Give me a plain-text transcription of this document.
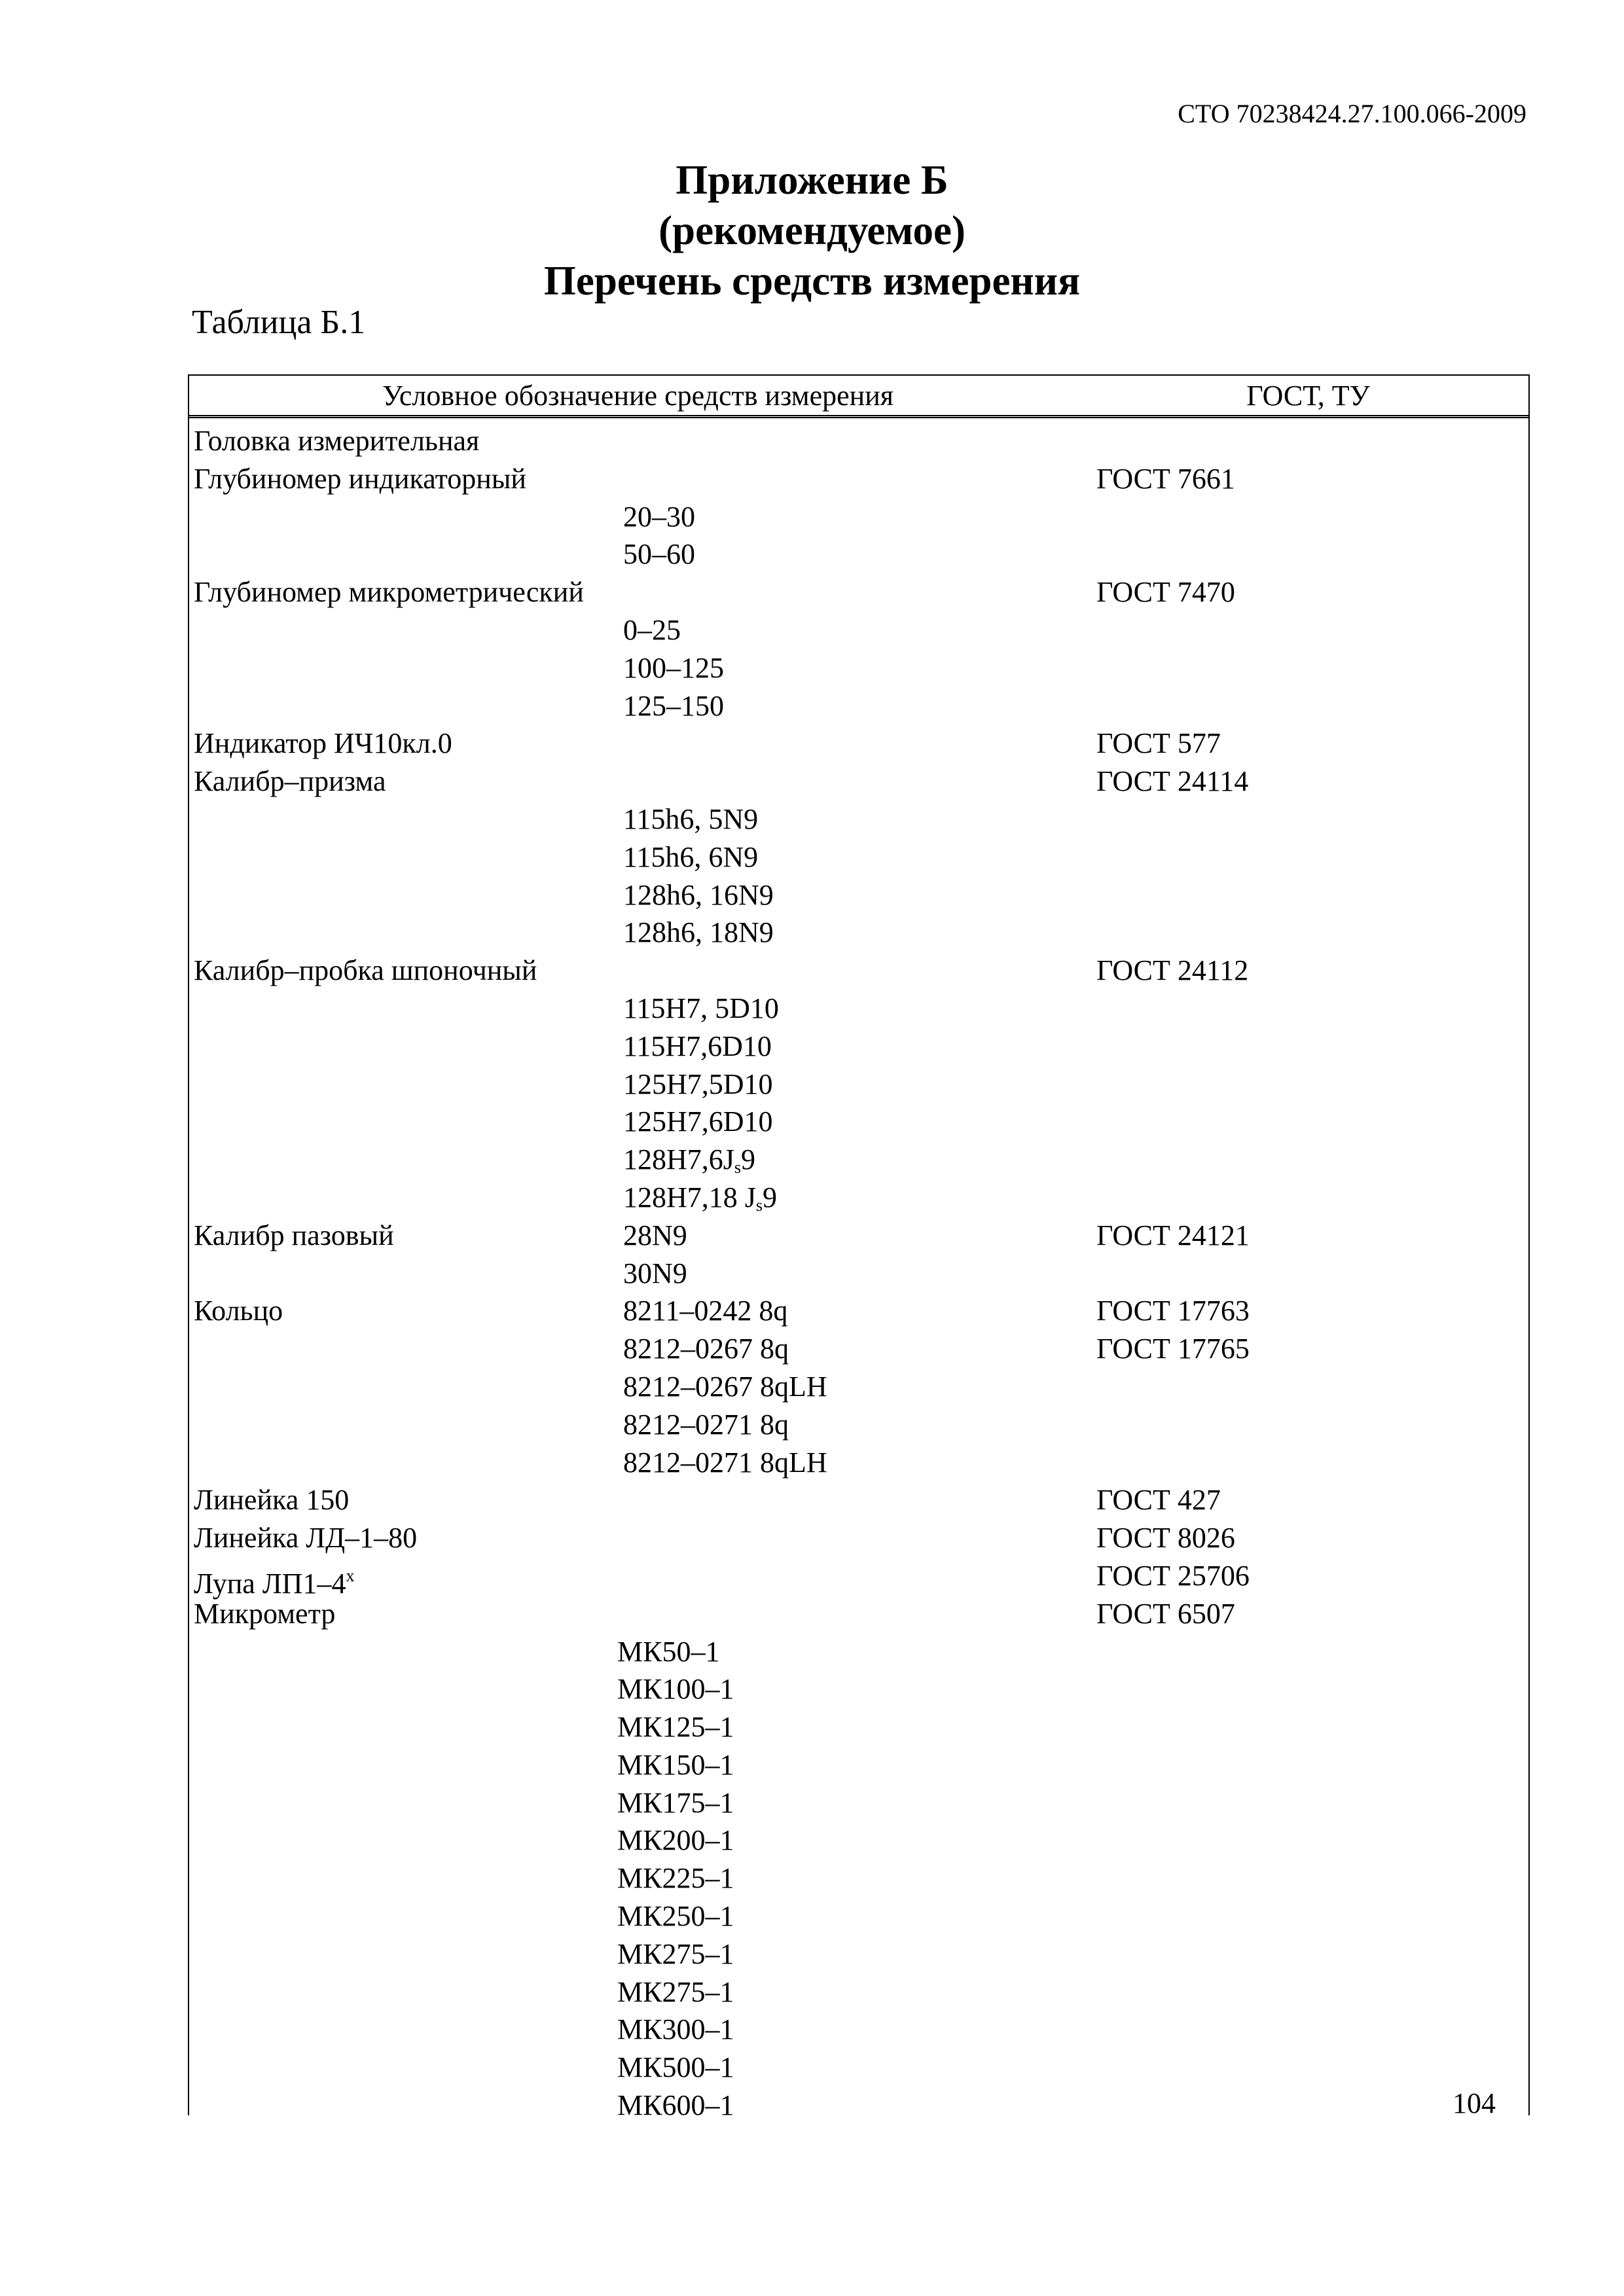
СТО 70238424.27.100.066-2009
Приложение Б
(рекомендуемое)
Перечень средств измерения
Таблица Б.1
Условное обозначение средств измерения	ГОСТ, ТУ
Головка измерительная
Глубиномер индикаторный	ГОСТ 7661
20–30
50–60
Глубиномер микрометрический	ГОСТ 7470
0–25
100–125
125–150
Индикатор ИЧ10кл.0	ГОСТ 577
Калибр–призма	ГОСТ 24114
115h6, 5N9
115h6, 6N9
128h6, 16N9
128h6, 18N9
Калибр–пробка шпоночный	ГОСТ 24112
115H7, 5D10
115H7,6D10
125H7,5D10
125H7,6D10
$128H7,6J_s9$
128H7,18 $J_s9$
Калибр пазовый	28N9	ГОСТ 24121
30N9
Кольцо	8211–0242 8q	ГОСТ 17763
8212–0267 8q	ГОСТ 17765
8212–0267 8qLH
8212–0271 8q
8212–0271 8qLH
Линейка 150	ГОСТ 427
Линейка ЛД–1–80	ГОСТ 8026
Лупа ЛП1–4$^x$	ГОСТ 25706
Микрометр	ГОСТ 6507
МК50–1
МК100–1
МК125–1
МК150–1
МК175–1
МК200–1
МК225–1
МК250–1
МК275–1
МК275–1
МК300–1
МК500–1
МК600–1	104
